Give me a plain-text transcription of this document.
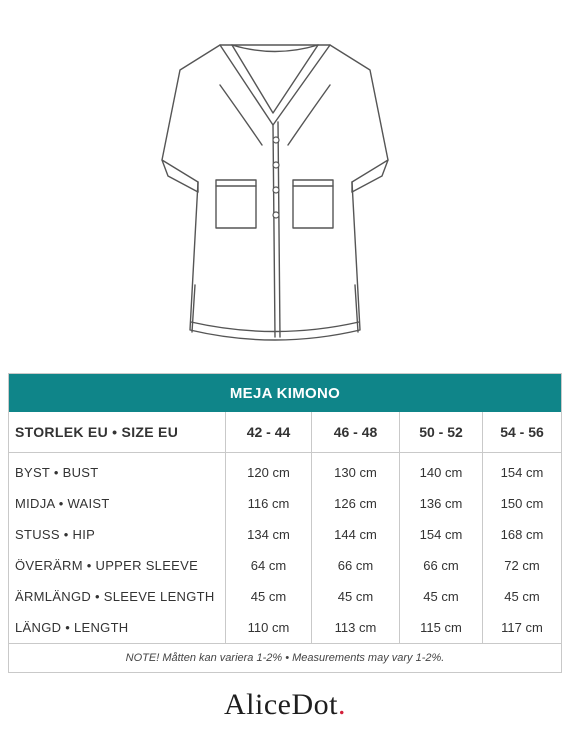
MEJA KIMONO
STORLEK EU • SIZE EU	42 - 44	46 - 48	50 - 52	54 - 56
BYST • BUST	120 cm	130 cm	140 cm	154 cm
MIDJA • WAIST	116 cm	126 cm	136 cm	150 cm
STUSS • HIP	134 cm	144 cm	154 cm	168 cm
ÖVERÄRM • UPPER SLEEVE	64 cm	66 cm	66 cm	72 cm
ÄRMLÄNGD • SLEEVE LENGTH	45 cm	45 cm	45 cm	45 cm
LÄNGD • LENGTH	110 cm	113 cm	115 cm	117 cm
NOTE! Måtten kan variera 1-2% • Measurements may vary 1-2%.
AliceDot.
